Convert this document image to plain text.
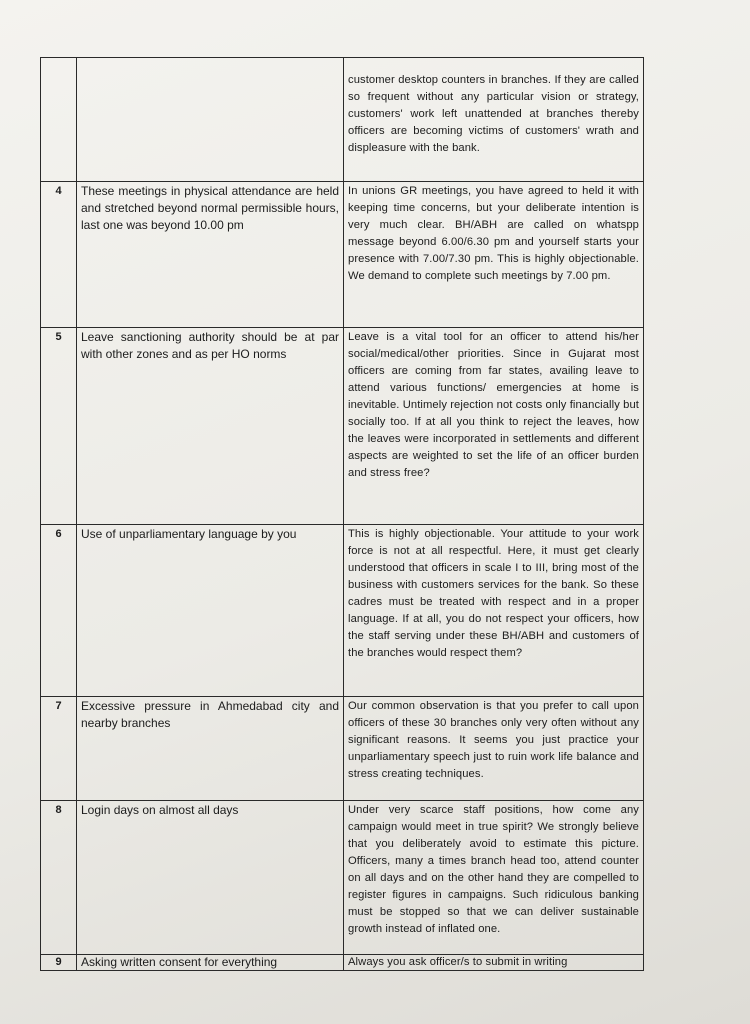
		customer desktop counters in branches. If they are called so frequent without any particular vision or strategy, customers' work left unattended at branches thereby officers are becoming victims of customers' wrath and displeasure with the bank.
4	These meetings in physical attendance are held and stretched beyond normal permissible hours, last one was beyond 10.00 pm	In unions GR meetings, you have agreed to held it with keeping time concerns, but your deliberate intention is very much clear. BH/ABH are called on whatspp message beyond 6.00/6.30 pm and yourself starts your presence with 7.00/7.30 pm. This is highly objectionable. We demand to complete such meetings by 7.00 pm.
5	Leave sanctioning authority should be at par with other zones and as per HO norms	Leave is a vital tool for an officer to attend his/her social/medical/other priorities. Since in Gujarat most officers are coming from far states, availing leave to attend various functions/ emergencies at home is inevitable. Untimely rejection not costs only financially but socially too. If at all you think to reject the leaves, how the leaves were incorporated in settlements and different aspects are weighted to set the life of an officer burden and stress free?
6	Use of unparliamentary language by you	This is highly objectionable. Your attitude to your work force is not at all respectful. Here, it must get clearly understood that officers in scale I to III, bring most of the business with customers services for the bank. So these cadres must be treated with respect and in a proper language. If at all, you do not respect your officers, how the staff serving under these BH/ABH and customers of the branches would respect them?
7	Excessive pressure in Ahmedabad city and nearby branches	Our common observation is that you prefer to call upon officers of these 30 branches only very often without any significant reasons. It seems you just practice your unparliamentary speech just to ruin work life balance and stress creating techniques.
8	Login days on almost all days	Under very scarce staff positions, how come any campaign would meet in true spirit? We strongly believe that you deliberately avoid to estimate this picture. Officers, many a times branch head too, attend counter on all days and on the other hand they are compelled to register figures in campaigns. Such ridiculous banking must be stopped so that we can deliver sustainable growth instead of inflated one.
9	Asking written consent for everything	Always you ask officer/s to submit in writing
